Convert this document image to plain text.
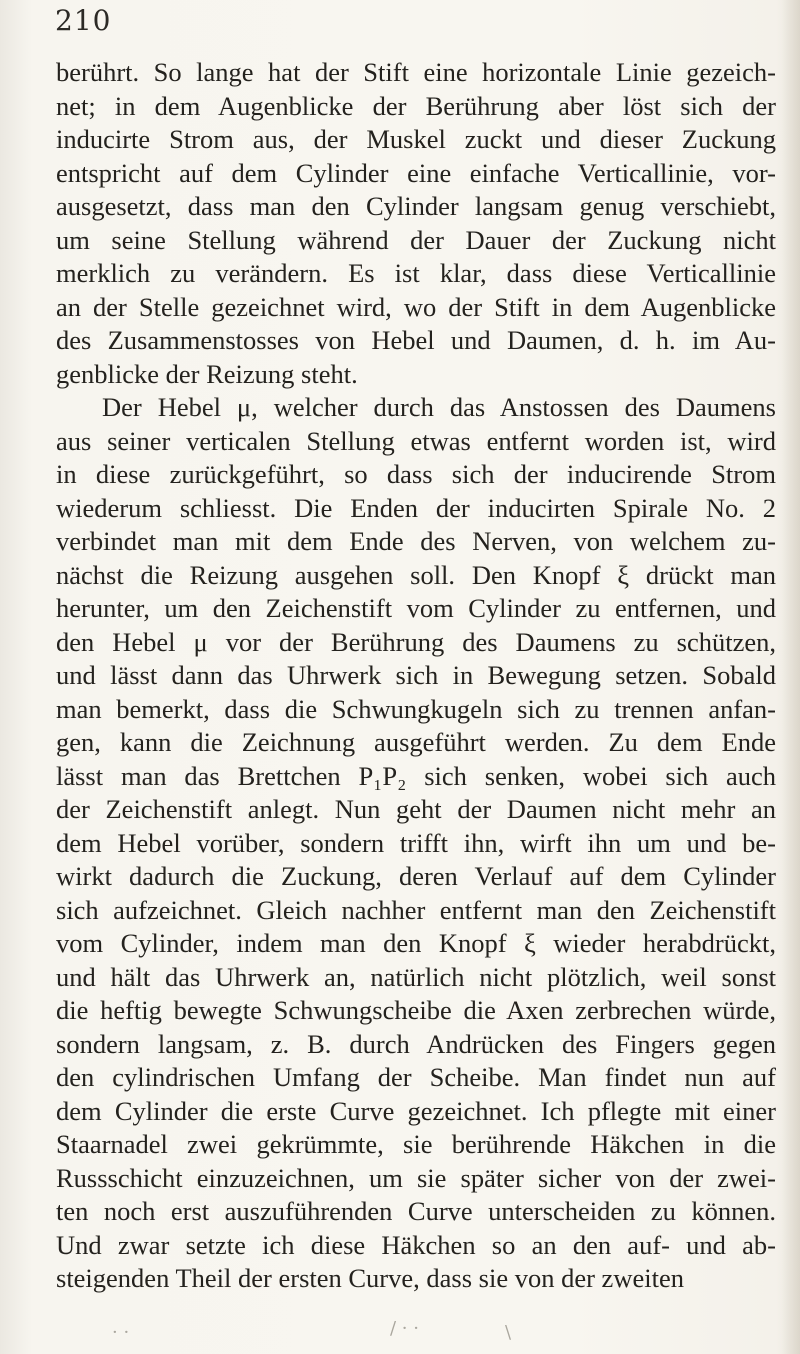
210
berührt. So lange hat der Stift eine horizontale Linie gezeich-
net; in dem Augenblicke der Berührung aber löst sich der
inducirte Strom aus, der Muskel zuckt und dieser Zuckung
entspricht auf dem Cylinder eine einfache Verticallinie, vor-
ausgesetzt, dass man den Cylinder langsam genug verschiebt,
um seine Stellung während der Dauer der Zuckung nicht
merklich zu verändern. Es ist klar, dass diese Verticallinie
an der Stelle gezeichnet wird, wo der Stift in dem Augenblicke
des Zusammenstosses von Hebel und Daumen, d. h. im Au-
genblicke der Reizung steht.
Der Hebel μ, welcher durch das Anstossen des Daumens
aus seiner verticalen Stellung etwas entfernt worden ist, wird
in diese zurückgeführt, so dass sich der inducirende Strom
wiederum schliesst. Die Enden der inducirten Spirale No. 2
verbindet man mit dem Ende des Nerven, von welchem zu-
nächst die Reizung ausgehen soll. Den Knopf ξ drückt man
herunter, um den Zeichenstift vom Cylinder zu entfernen, und
den Hebel μ vor der Berührung des Daumens zu schützen,
und lässt dann das Uhrwerk sich in Bewegung setzen. Sobald
man bemerkt, dass die Schwungkugeln sich zu trennen anfan-
gen, kann die Zeichnung ausgeführt werden. Zu dem Ende
lässt man das Brettchen P₁P₂ sich senken, wobei sich auch
der Zeichenstift anlegt. Nun geht der Daumen nicht mehr an
dem Hebel vorüber, sondern trifft ihn, wirft ihn um und be-
wirkt dadurch die Zuckung, deren Verlauf auf dem Cylinder
sich aufzeichnet. Gleich nachher entfernt man den Zeichenstift
vom Cylinder, indem man den Knopf ξ wieder herabdrückt,
und hält das Uhrwerk an, natürlich nicht plötzlich, weil sonst
die heftig bewegte Schwungscheibe die Axen zerbrechen würde,
sondern langsam, z. B. durch Andrücken des Fingers gegen
den cylindrischen Umfang der Scheibe. Man findet nun auf
dem Cylinder die erste Curve gezeichnet. Ich pflegte mit einer
Staarnadel zwei gekrümmte, sie berührende Häkchen in die
Russschicht einzuzeichnen, um sie später sicher von der zwei-
ten noch erst auszuführenden Curve unterscheiden zu können.
Und zwar setzte ich diese Häkchen so an den auf- und ab-
steigenden Theil der ersten Curve, dass sie von der zweiten
· ·	/ · ·	\
